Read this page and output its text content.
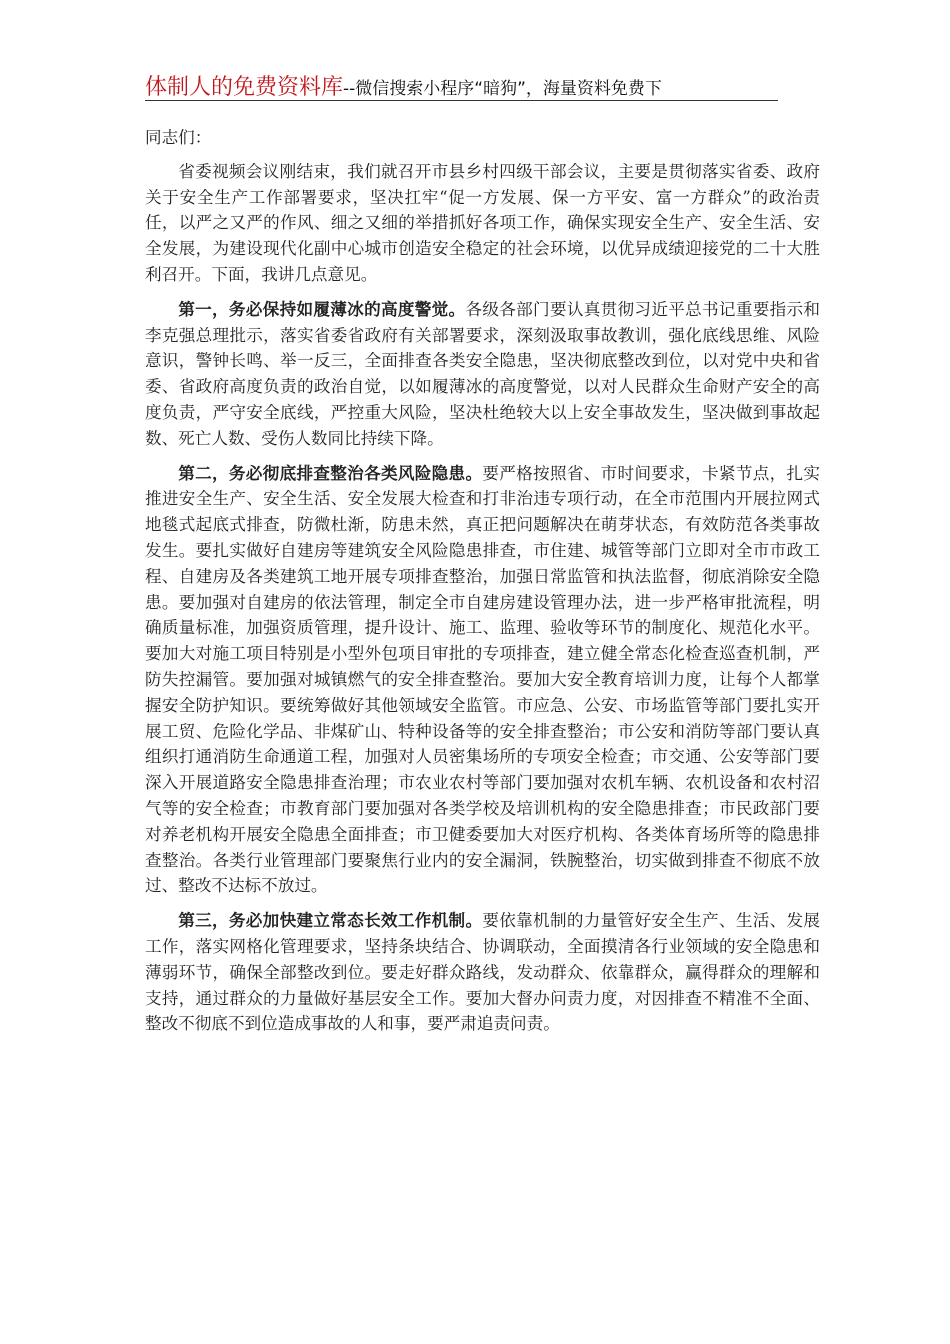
体制人的免费资料库--微信搜索小程序“暗狗”，海量资料免费下

同志们：

省委视频会议刚结束，我们就召开市县乡村四级干部会议，主要是贯彻落实省委、政府关于安全生产工作部署要求，坚决扛牢“促一方发展、保一方平安、富一方群众”的政治责任，以严之又严的作风、细之又细的举措抓好各项工作，确保实现安全生产、安全生活、安全发展，为建设现代化副中心城市创造安全稳定的社会环境，以优异成绩迎接党的二十大胜利召开。下面，我讲几点意见。

第一，务必保持如履薄冰的高度警觉。各级各部门要认真贯彻习近平总书记重要指示和李克强总理批示，落实省委省政府有关部署要求，深刻汲取事故教训，强化底线思维、风险意识，警钟长鸣、举一反三，全面排查各类安全隐患，坚决彻底整改到位，以对党中央和省委、省政府高度负责的政治自觉，以如履薄冰的高度警觉，以对人民群众生命财产安全的高度负责，严守安全底线，严控重大风险，坚决杜绝较大以上安全事故发生，坚决做到事故起数、死亡人数、受伤人数同比持续下降。

第二，务必彻底排查整治各类风险隐患。要严格按照省、市时间要求，卡紧节点，扎实推进安全生产、安全生活、安全发展大检查和打非治违专项行动，在全市范围内开展拉网式地毯式起底式排查，防微杜渐，防患未然，真正把问题解决在萌芽状态，有效防范各类事故发生。要扎实做好自建房等建筑安全风险隐患排查，市住建、城管等部门立即对全市市政工程、自建房及各类建筑工地开展专项排查整治，加强日常监管和执法监督，彻底消除安全隐患。要加强对自建房的依法管理，制定全市自建房建设管理办法，进一步严格审批流程，明确质量标准，加强资质管理，提升设计、施工、监理、验收等环节的制度化、规范化水平。要加大对施工项目特别是小型外包项目审批的专项排查，建立健全常态化检查巡查机制，严防失控漏管。要加强对城镇燃气的安全排查整治。要加大安全教育培训力度，让每个人都掌握安全防护知识。要统筹做好其他领域安全监管。市应急、公安、市场监管等部门要扎实开展工贸、危险化学品、非煤矿山、特种设备等的安全排查整治；市公安和消防等部门要认真组织打通消防生命通道工程，加强对人员密集场所的专项安全检查；市交通、公安等部门要深入开展道路安全隐患排查治理；市农业农村等部门要加强对农机车辆、农机设备和农村沼气等的安全检查；市教育部门要加强对各类学校及培训机构的安全隐患排查；市民政部门要对养老机构开展安全隐患全面排查；市卫健委要加大对医疗机构、各类体育场所等的隐患排查整治。各类行业管理部门要聚焦行业内的安全漏洞，铁腕整治，切实做到排查不彻底不放过、整改不达标不放过。

第三，务必加快建立常态长效工作机制。要依靠机制的力量管好安全生产、生活、发展工作，落实网格化管理要求，坚持条块结合、协调联动，全面摸清各行业领域的安全隐患和薄弱环节，确保全部整改到位。要走好群众路线，发动群众、依靠群众，赢得群众的理解和支持，通过群众的力量做好基层安全工作。要加大督办问责力度，对因排查不精准不全面、整改不彻底不到位造成事故的人和事，要严肃追责问责。
